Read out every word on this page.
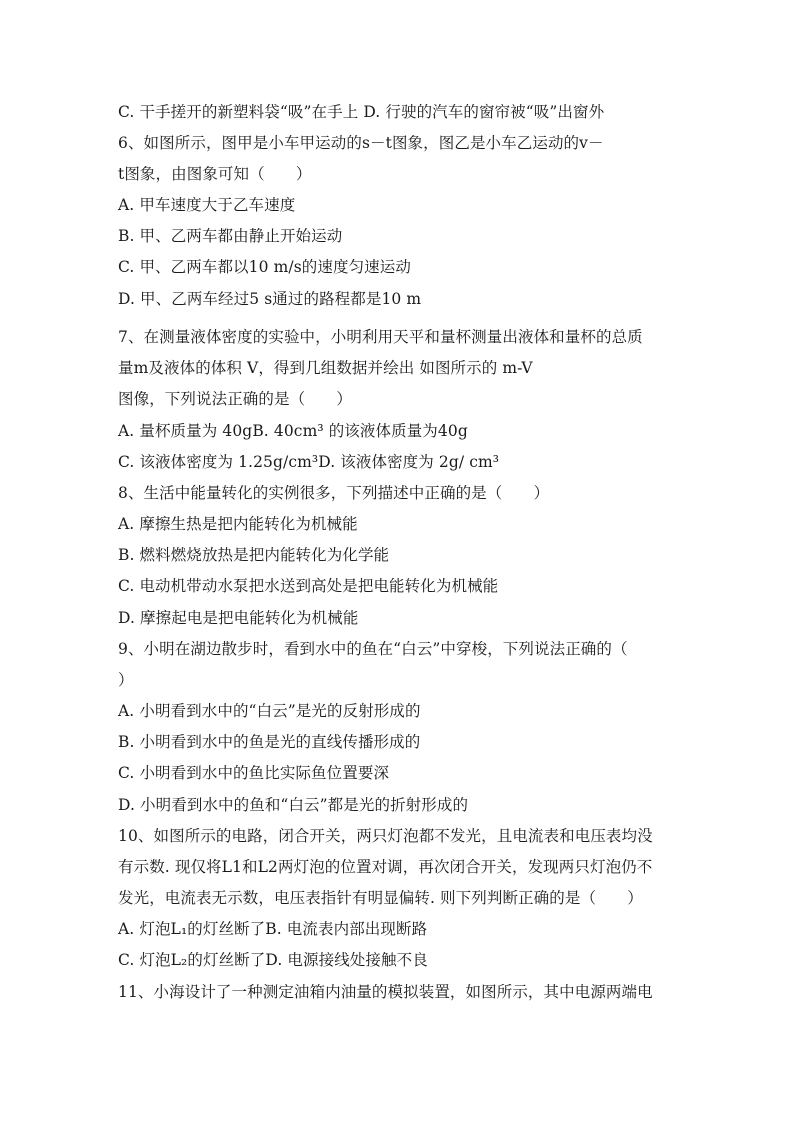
C. 干手搓开的新塑料袋“吸”在手上 D. 行驶的汽车的窗帘被“吸”出窗外
6、如图所示，图甲是小车甲运动的s－t图象，图乙是小车乙运动的v－
t图象，由图象可知（　　）
A. 甲车速度大于乙车速度
B. 甲、乙两车都由静止开始运动
C. 甲、乙两车都以10 m/s的速度匀速运动
D. 甲、乙两车经过5 s通过的路程都是10 m
7、在测量液体密度的实验中，小明利用天平和量杯测量出液体和量杯的总质
量m及液体的体积 V，得到几组数据并绘出 如图所示的 m-V
图像，下列说法正确的是（　　）
A. 量杯质量为 40gB. 40cm³ 的该液体质量为40g
C. 该液体密度为 1.25g/cm³D. 该液体密度为 2g/ cm³
8、生活中能量转化的实例很多，下列描述中正确的是（　　）
A. 摩擦生热是把内能转化为机械能
B. 燃料燃烧放热是把内能转化为化学能
C. 电动机带动水泵把水送到高处是把电能转化为机械能
D. 摩擦起电是把电能转化为机械能
9、小明在湖边散步时，看到水中的鱼在“白云”中穿梭，下列说法正确的（
）
A. 小明看到水中的“白云”是光的反射形成的
B. 小明看到水中的鱼是光的直线传播形成的
C. 小明看到水中的鱼比实际鱼位置要深
D. 小明看到水中的鱼和“白云”都是光的折射形成的
10、如图所示的电路，闭合开关，两只灯泡都不发光，且电流表和电压表均没
有示数. 现仅将L1和L2两灯泡的位置对调，再次闭合开关，发现两只灯泡仍不
发光，电流表无示数，电压表指针有明显偏转. 则下列判断正确的是（　　）
A. 灯泡L₁的灯丝断了B. 电流表内部出现断路
C. 灯泡L₂的灯丝断了D. 电源接线处接触不良
11、小海设计了一种测定油箱内油量的模拟装置，如图所示，其中电源两端电
